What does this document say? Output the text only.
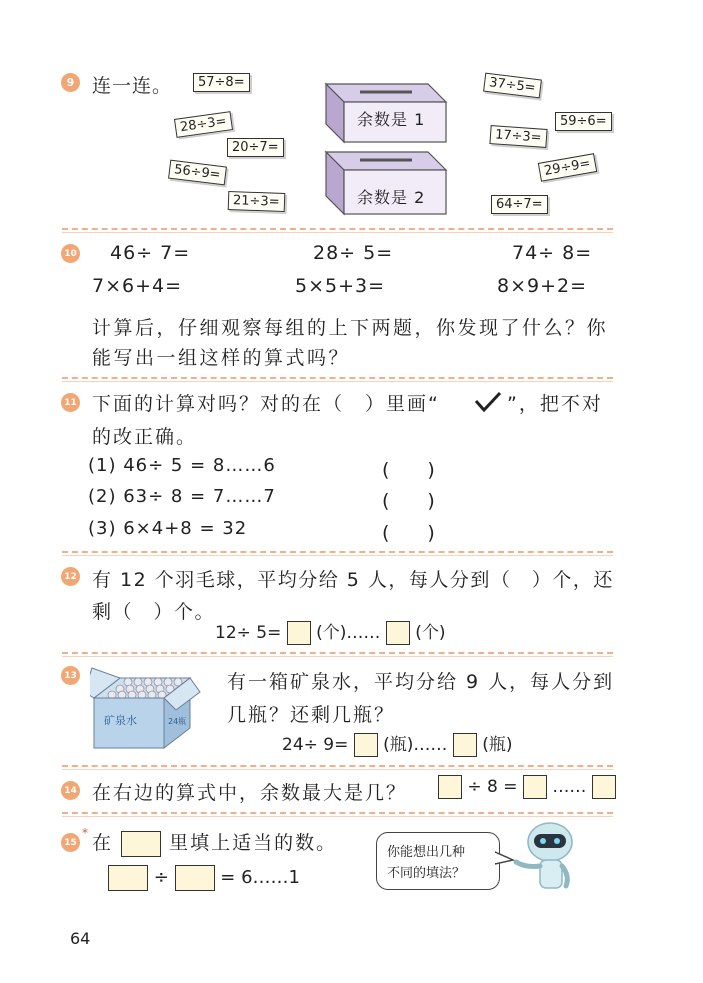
9 连一连。	57÷8=
28÷3=
20÷7=
56÷9=
21÷3=
余数是 1
余数是 2
37÷5=
59÷6=
17÷3=
29÷9=
64÷7=
10 46÷ 7=	28÷ 5=	74÷ 8=
7×6+4=	5×5+3=	8×9+2=
计算后，仔细观察每组的上下两题，你发现了什么？你
能写出一组这样的算式吗？
11 下面的计算对吗？对的在（　）里画“	”，把不对
的改正确。
(1) 46÷ 5 = 8……6	(　　)
(2) 63÷ 8 = 7……7	(　　)
(3) 6×4+8 = 32	(　　)
12 有 12 个羽毛球，平均分给 5 人，每人分到（　）个，还
剩（　）个。
12÷ 5= (个)…… (个)
13
矿泉水	24瓶
有一箱矿泉水，平均分给 9 人，每人分到
几瓶？还剩几瓶？
24÷ 9= (瓶)…… (瓶)
14 在右边的算式中，余数最大是几？	÷ 8 = ……
15
* 在	里填上适当的数。
÷	= 6……1
你能想出几种
不同的填法？
64
